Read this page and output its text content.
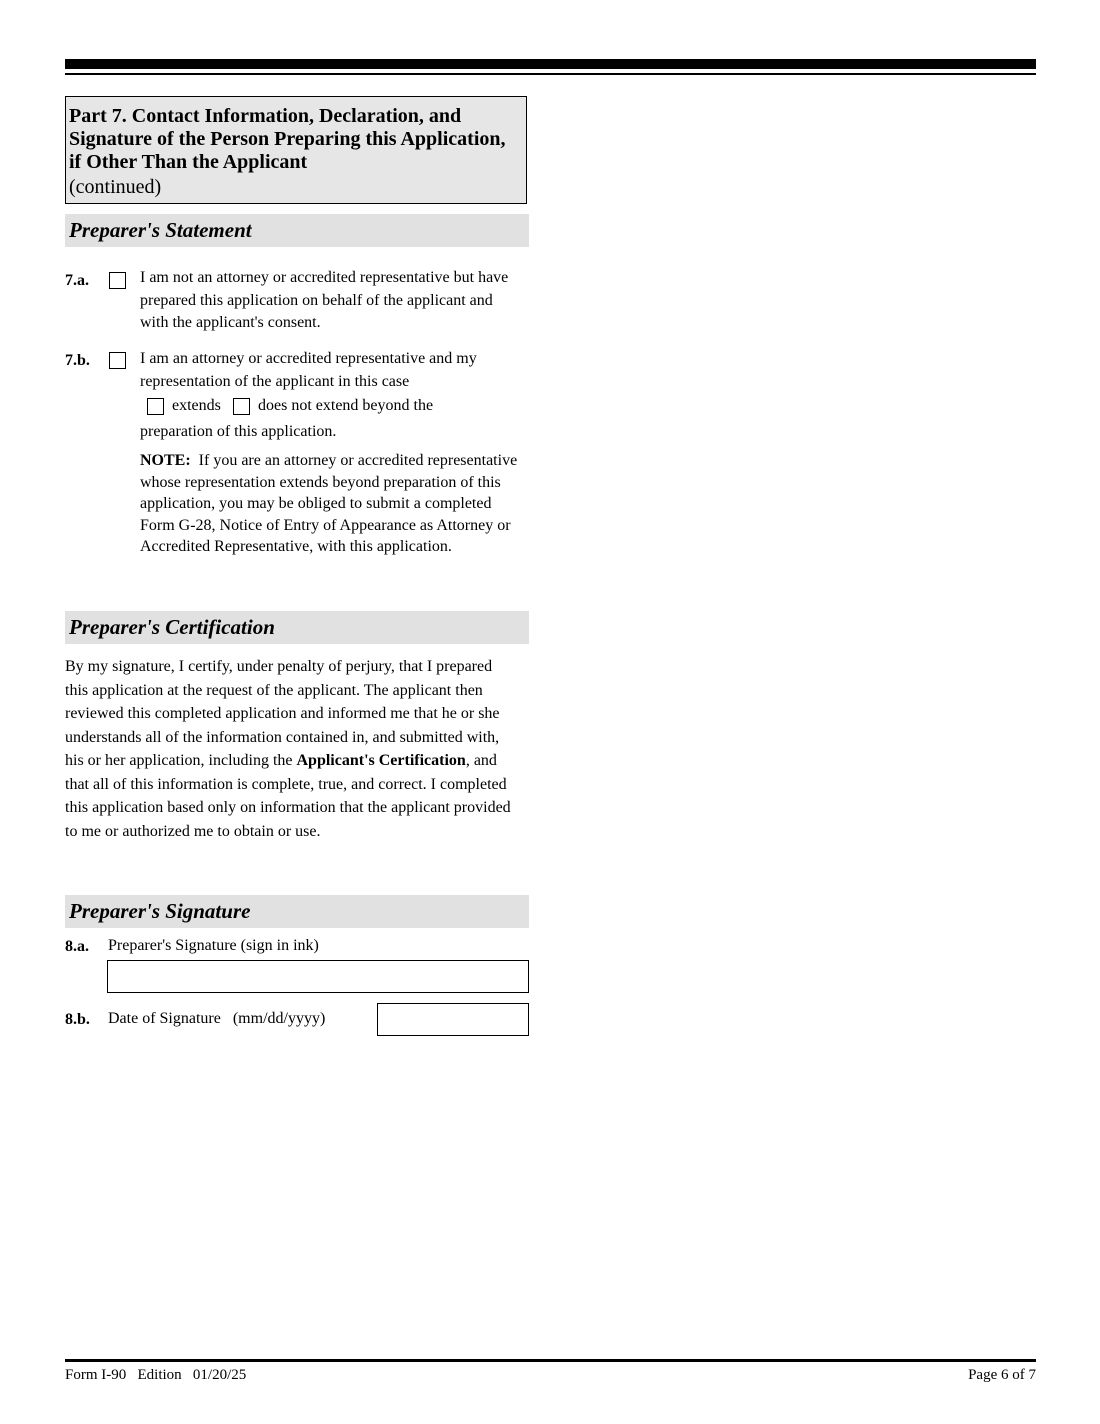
Part 7. Contact Information, Declaration, and Signature of the Person Preparing this Application, if Other Than the Applicant
(continued)
Preparer's Statement
7.a.	I am not an attorney or accredited representative but have prepared this application on behalf of the applicant and with the applicant's consent.
7.b.	I am an attorney or accredited representative and my representation of the applicant in this case
extends does not extend beyond the
preparation of this application.
NOTE: If you are an attorney or accredited representative whose representation extends beyond preparation of this application, you may be obliged to submit a completed Form G-28, Notice of Entry of Appearance as Attorney or Accredited Representative, with this application.
Preparer's Certification
By my signature, I certify, under penalty of perjury, that I prepared this application at the request of the applicant. The applicant then reviewed this completed application and informed me that he or she understands all of the information contained in, and submitted with, his or her application, including the Applicant's Certification, and that all of this information is complete, true, and correct. I completed this application based only on information that the applicant provided to me or authorized me to obtain or use.
Preparer's Signature
8.a. Preparer's Signature (sign in ink)
8.b. Date of Signature   (mm/dd/yyyy)
Form I-90   Edition   01/20/25	Page 6 of 7
